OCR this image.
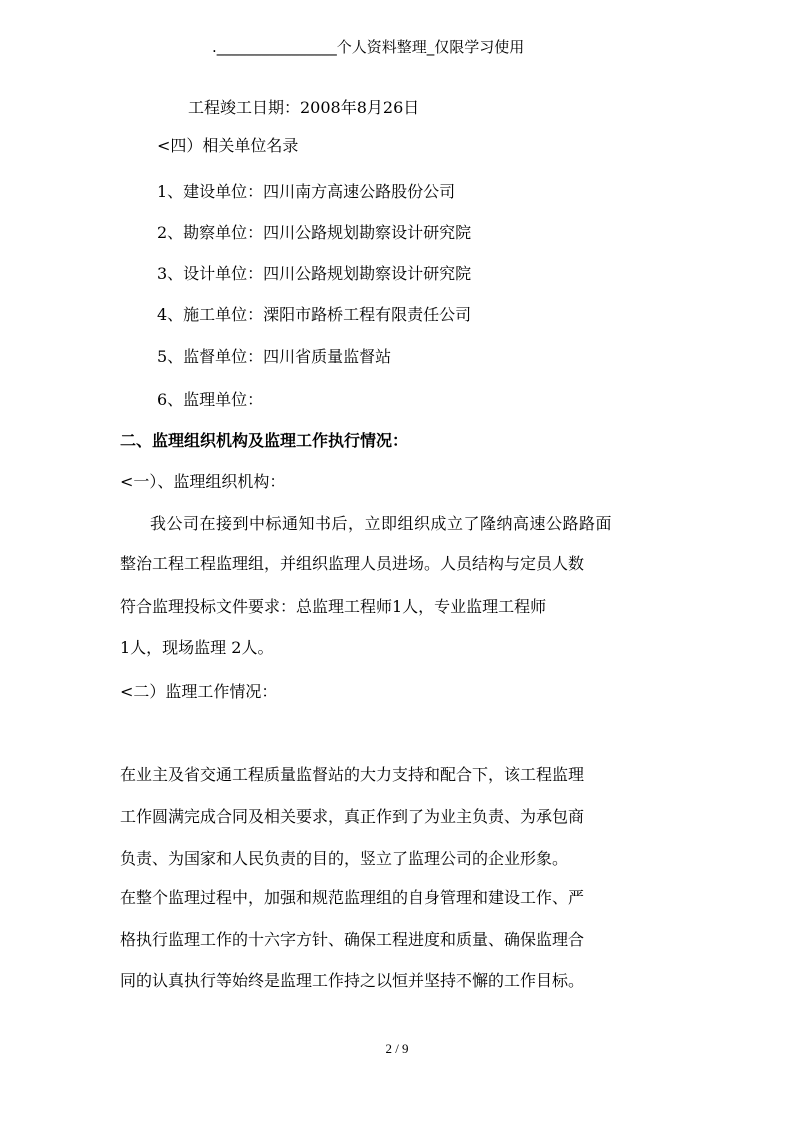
.________________个人资料整理_仅限学习使用
工程竣工日期：2008年8月26日
<四）相关单位名录
1、建设单位：四川南方高速公路股份公司
2、勘察单位：四川公路规划勘察设计研究院
3、设计单位：四川公路规划勘察设计研究院
4、施工单位：溧阳市路桥工程有限责任公司
5、监督单位：四川省质量监督站
6、监理单位：
二、监理组织机构及监理工作执行情况：
<一）、监理组织机构：
我公司在接到中标通知书后，立即组织成立了隆纳高速公路路面
整治工程工程监理组，并组织监理人员进场。人员结构与定员人数
符合监理投标文件要求：总监理工程师1人，专业监理工程师
1人，现场监理 2人。
<二）监理工作情况：
在业主及省交通工程质量监督站的大力支持和配合下，该工程监理
工作圆满完成合同及相关要求，真正作到了为业主负责、为承包商
负责、为国家和人民负责的目的，竖立了监理公司的企业形象。
在整个监理过程中，加强和规范监理组的自身管理和建设工作、严
格执行监理工作的十六字方针、确保工程进度和质量、确保监理合
同的认真执行等始终是监理工作持之以恒并坚持不懈的工作目标。
2 / 9
